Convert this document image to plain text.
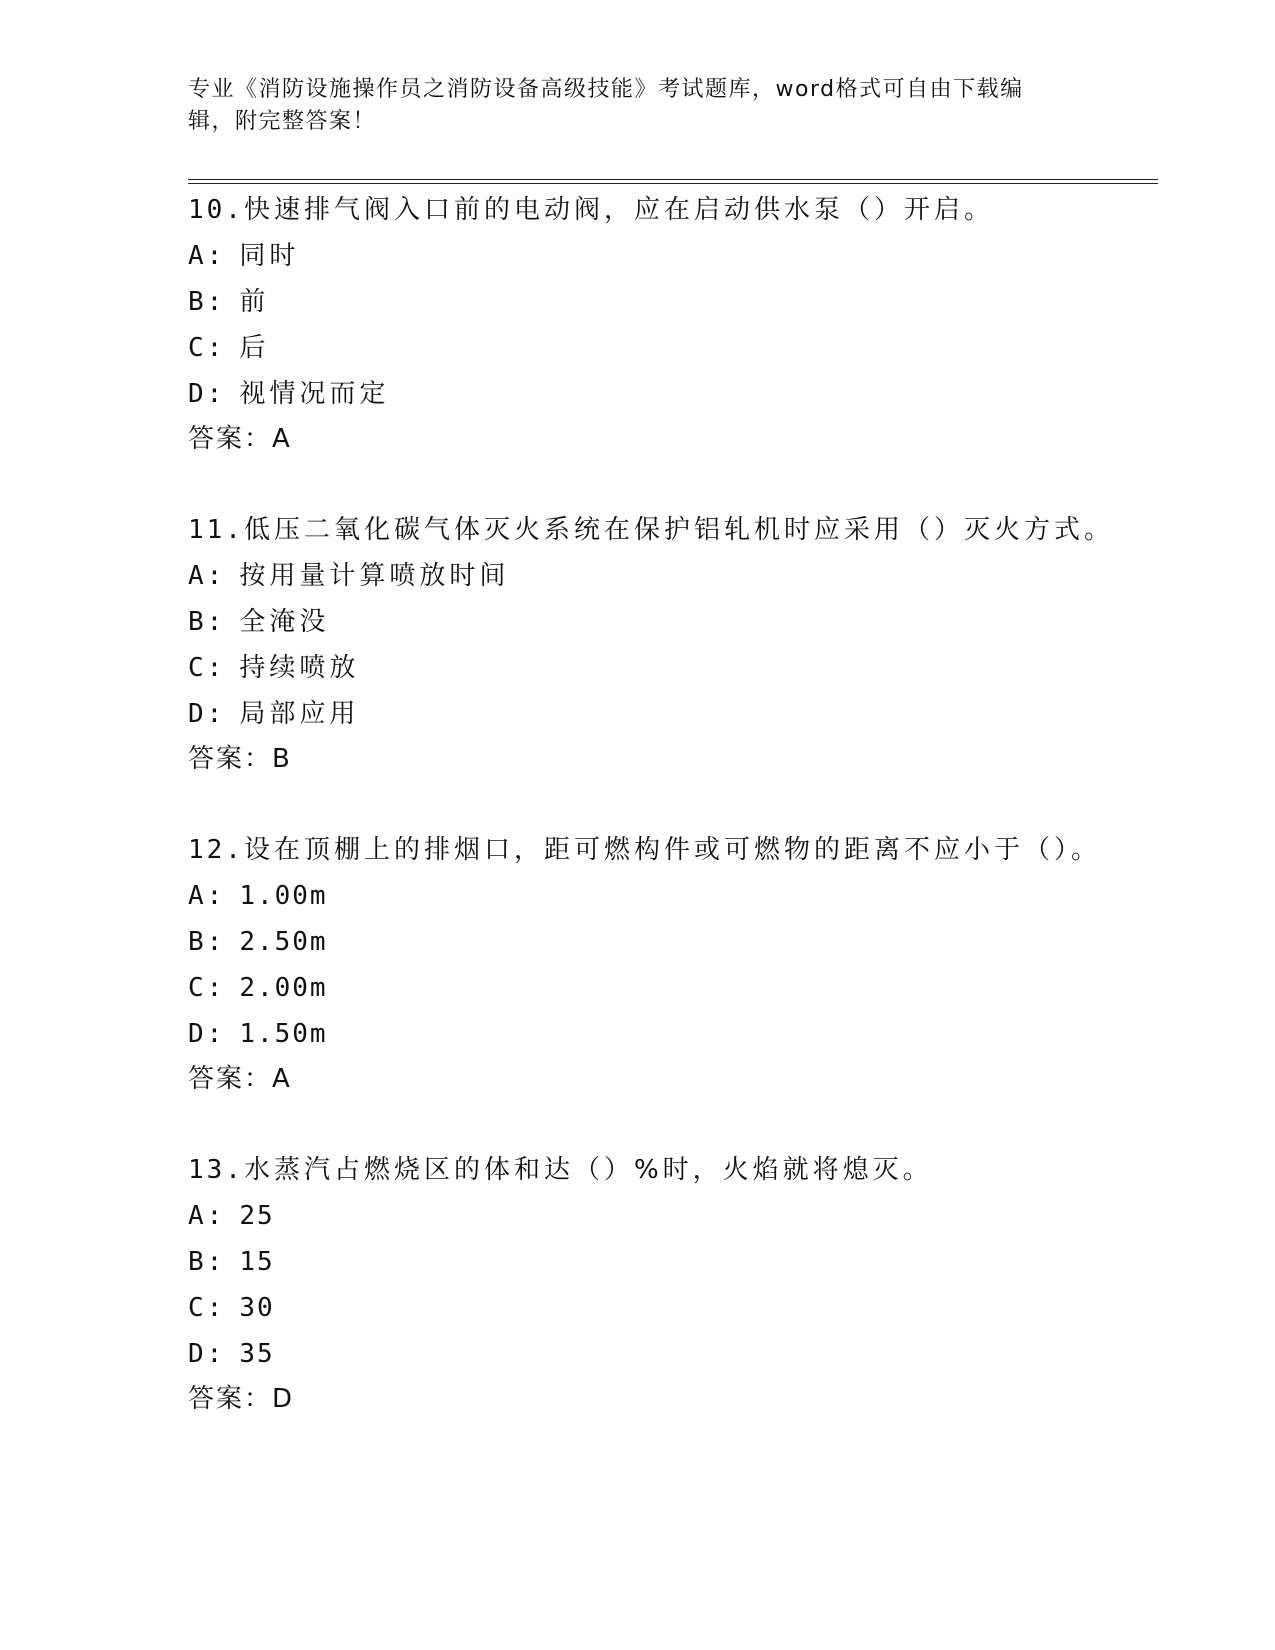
专业《消防设施操作员之消防设备高级技能》考试题库，word格式可自由下载编
辑，附完整答案！
10.快速排气阀入口前的电动阀，应在启动供水泵（）开启。
A: 同时
B: 前
C: 后
D: 视情况而定
答案：A
11.低压二氧化碳气体灭火系统在保护铝轧机时应采用（）灭火方式。
A: 按用量计算喷放时间
B: 全淹没
C: 持续喷放
D: 局部应用
答案：B
12.设在顶棚上的排烟口，距可燃构件或可燃物的距离不应小于（）。
A: 1.00m
B: 2.50m
C: 2.00m
D: 1.50m
答案：A
13.水蒸汽占燃烧区的体和达（）%时，火焰就将熄灭。
A: 25
B: 15
C: 30
D: 35
答案：D
